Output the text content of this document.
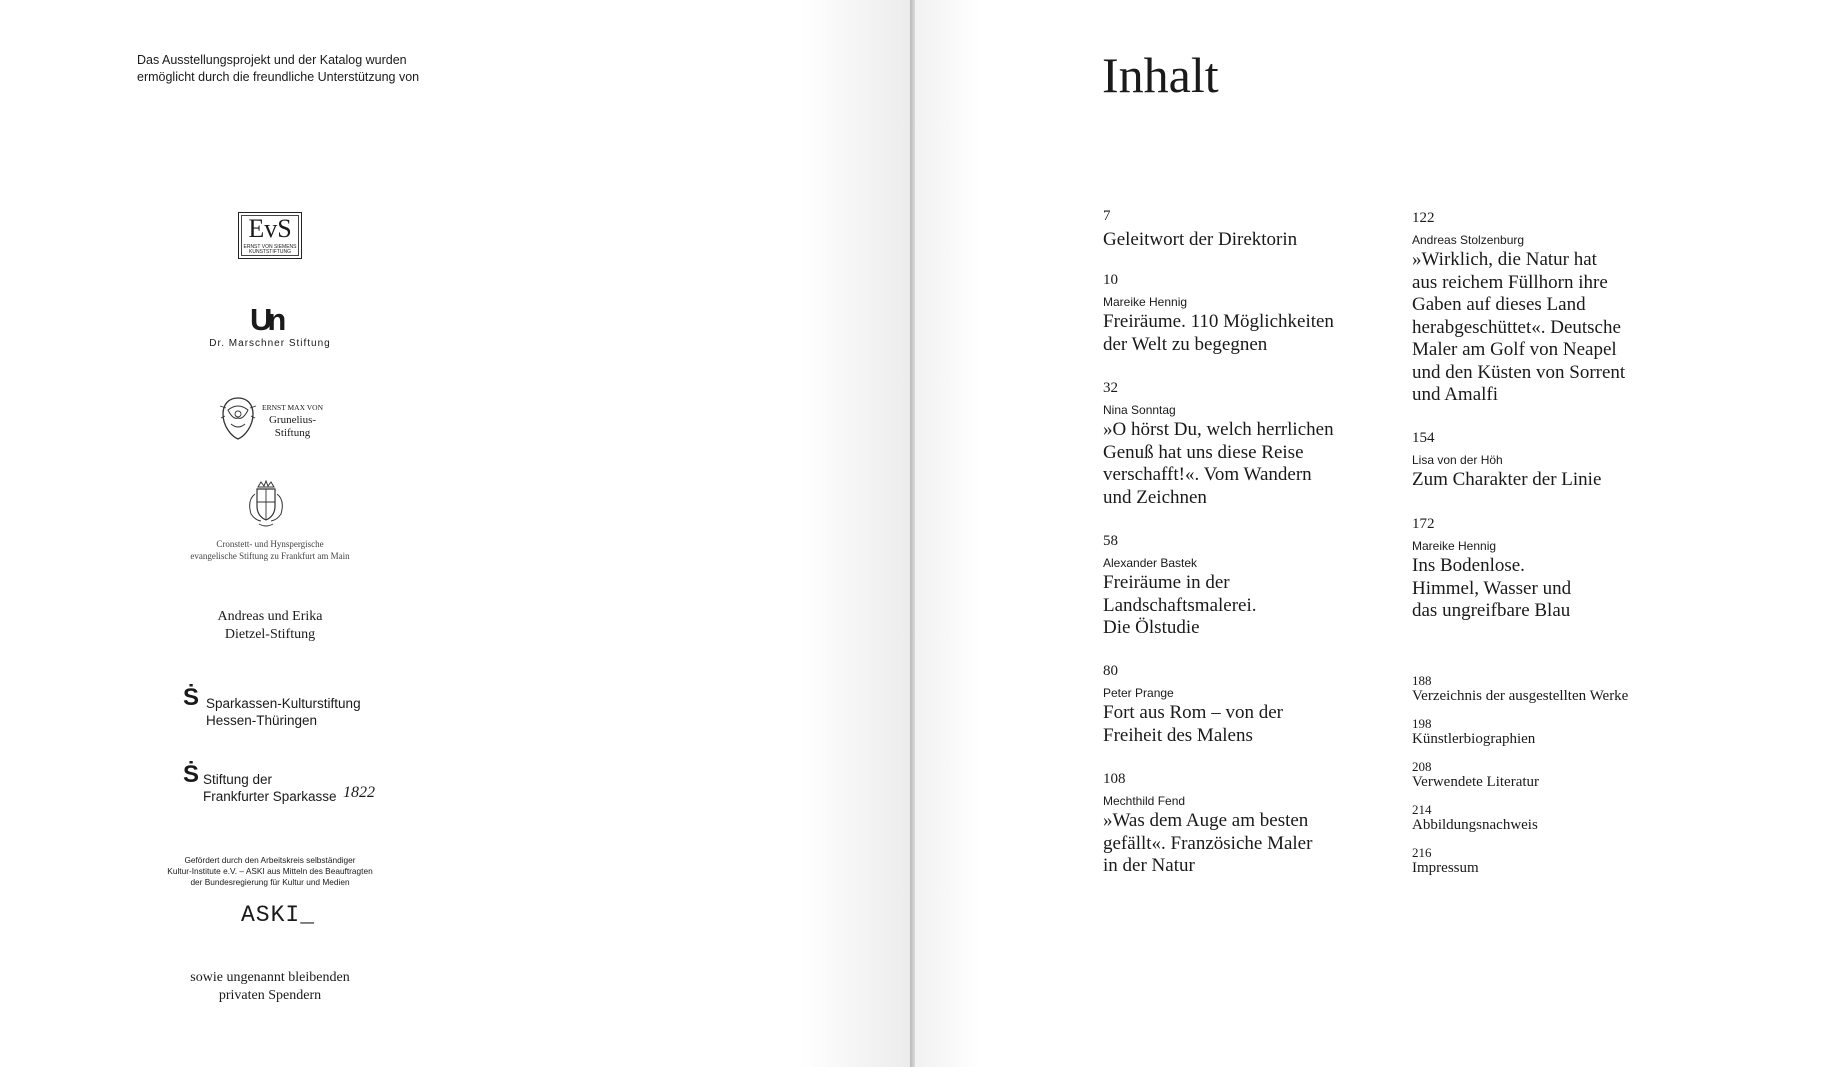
Das Ausstellungsprojekt und der Katalog wurden
ermöglicht durch die freundliche Unterstützung von
EvS
ERNST VON SIEMENS KUNSTSTIFTUNG
Un
Dr. Marschner Stiftung
ERNST MAX VON
Grunelius-
Stiftung
Cronstett- und Hynspergische
evangelische Stiftung zu Frankfurt am Main
Andreas und Erika
Dietzel-Stiftung
Ṡ Sparkassen-Kulturstiftung
Hessen-Thüringen
Ṡ Stiftung der
Frankfurter Sparkasse 1822
Gefördert durch den Arbeitskreis selbständiger
Kultur-Institute e.V. – ASKI aus Mitteln des Beauftragten
der Bundesregierung für Kultur und Medien
ASKI_
sowie ungenannt bleibenden
privaten Spendern
Inhalt
7
Geleitwort der Direktorin
10
Mareike Hennig
Freiräume. 110 Möglichkeiten
der Welt zu begegnen
32
Nina Sonntag
»O hörst Du, welch herrlichen
Genuß hat uns diese Reise
verschafft!«. Vom Wandern
und Zeichnen
58
Alexander Bastek
Freiräume in der
Landschaftsmalerei.
Die Ölstudie
80
Peter Prange
Fort aus Rom – von der
Freiheit des Malens
108
Mechthild Fend
»Was dem Auge am besten
gefällt«. Französiche Maler
in der Natur
122
Andreas Stolzenburg
»Wirklich, die Natur hat
aus reichem Füllhorn ihre
Gaben auf dieses Land
herabgeschüttet«. Deutsche
Maler am Golf von Neapel
und den Küsten von Sorrent
und Amalfi
154
Lisa von der Höh
Zum Charakter der Linie
172
Mareike Hennig
Ins Bodenlose.
Himmel, Wasser und
das ungreifbare Blau
188
Verzeichnis der ausgestellten Werke
198
Künstlerbiographien
208
Verwendete Literatur
214
Abbildungsnachweis
216
Impressum
